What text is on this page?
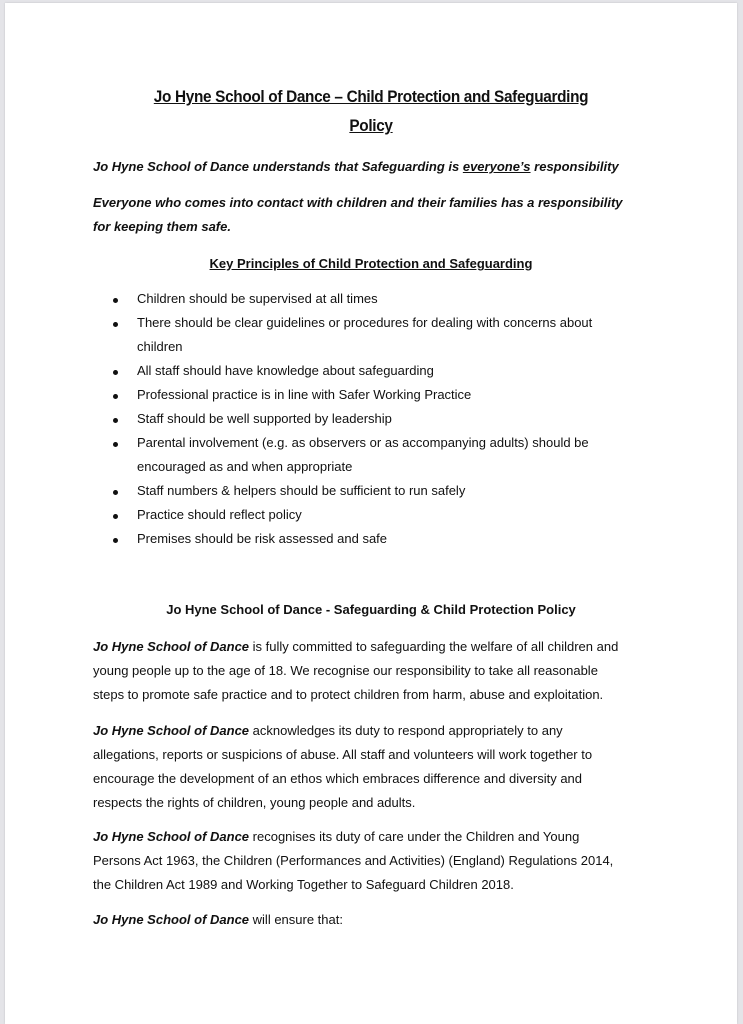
Jo Hyne School of Dance – Child Protection and Safeguarding
Policy
Jo Hyne School of Dance understands that Safeguarding is everyone’s responsibility
Everyone who comes into contact with children and their families has a responsibility
for keeping them safe.
Key Principles of Child Protection and Safeguarding
Children should be supervised at all times
There should be clear guidelines or procedures for dealing with concerns about
children
All staff should have knowledge about safeguarding
Professional practice is in line with Safer Working Practice
Staff should be well supported by leadership
Parental involvement (e.g. as observers or as accompanying adults) should be
encouraged as and when appropriate
Staff numbers & helpers should be sufficient to run safely
Practice should reflect policy
Premises should be risk assessed and safe
Jo Hyne School of Dance - Safeguarding & Child Protection Policy
Jo Hyne School of Dance is fully committed to safeguarding the welfare of all children and
young people up to the age of 18. We recognise our responsibility to take all reasonable
steps to promote safe practice and to protect children from harm, abuse and exploitation.
Jo Hyne School of Dance acknowledges its duty to respond appropriately to any
allegations, reports or suspicions of abuse. All staff and volunteers will work together to
encourage the development of an ethos which embraces difference and diversity and
respects the rights of children, young people and adults.
Jo Hyne School of Dance recognises its duty of care under the Children and Young
Persons Act 1963, the Children (Performances and Activities) (England) Regulations 2014,
the Children Act 1989 and Working Together to Safeguard Children 2018.
Jo Hyne School of Dance will ensure that:
